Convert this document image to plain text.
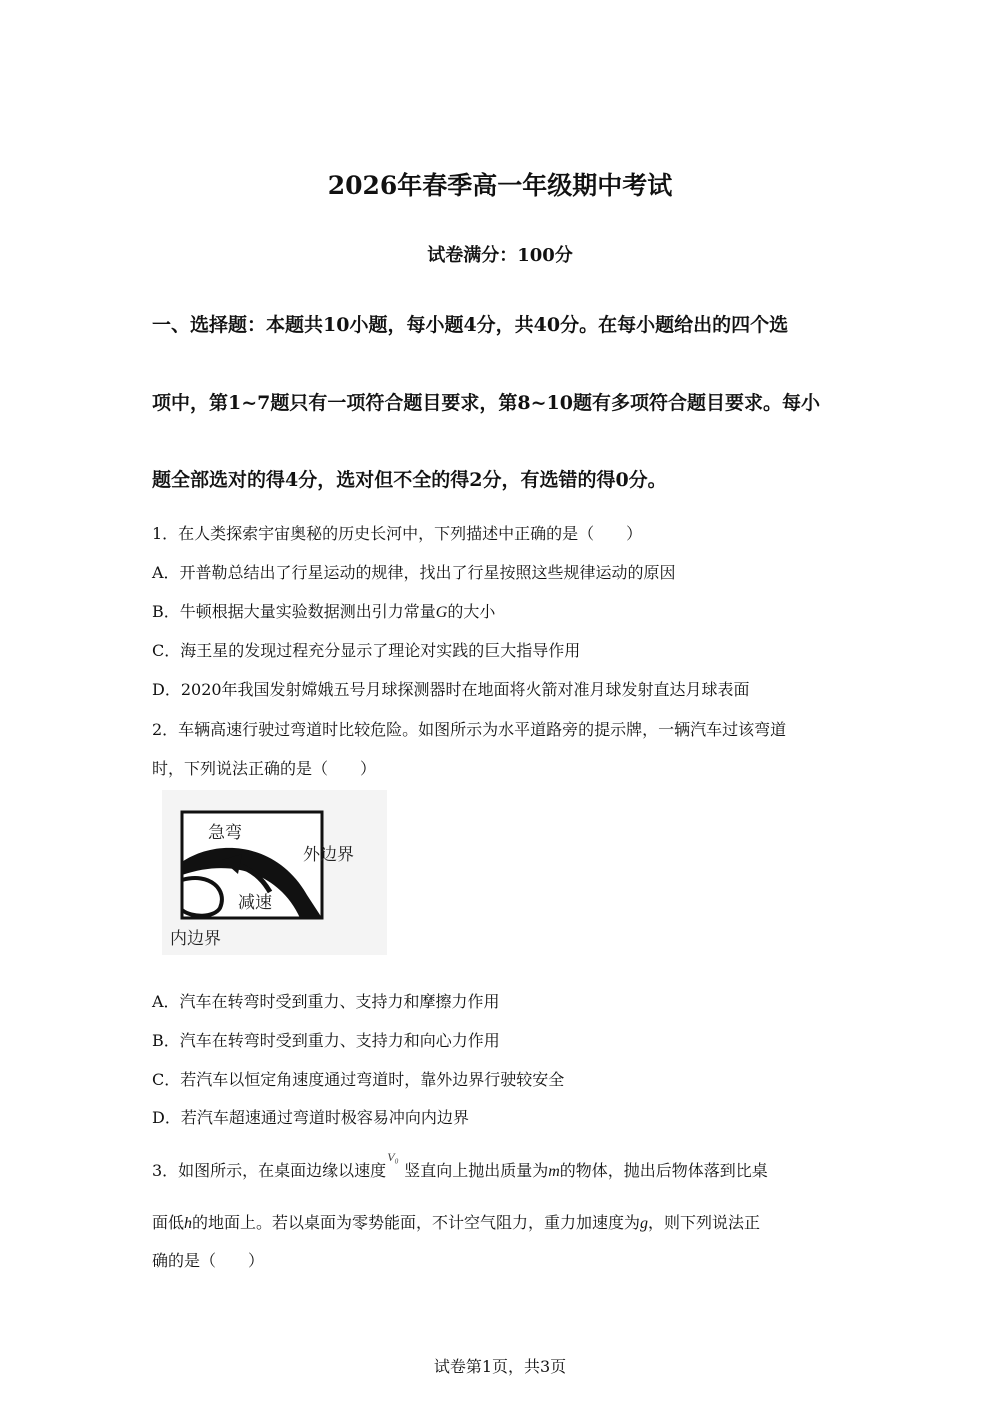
2026年春季高一年级期中考试
试卷满分：100分
一、选择题：本题共10小题，每小题4分，共40分。在每小题给出的四个选
项中，第1~7题只有一项符合题目要求，第8~10题有多项符合题目要求。每小
题全部选对的得4分，选对但不全的得2分，有选错的得0分。
1．在人类探索宇宙奥秘的历史长河中，下列描述中正确的是（　　）
A．开普勒总结出了行星运动的规律，找出了行星按照这些规律运动的原因
B．牛顿根据大量实验数据测出引力常量G的大小
C．海王星的发现过程充分显示了理论对实践的巨大指导作用
D．2020年我国发射嫦娥五号月球探测器时在地面将火箭对准月球发射直达月球表面
2．车辆高速行驶过弯道时比较危险。如图所示为水平道路旁的提示牌，一辆汽车过该弯道
时，下列说法正确的是（　　）
急弯
减速
外边界
内边界
A．汽车在转弯时受到重力、支持力和摩擦力作用
B．汽车在转弯时受到重力、支持力和向心力作用
C．若汽车以恒定角速度通过弯道时，靠外边界行驶较安全
D．若汽车超速通过弯道时极容易冲向内边界
3．如图所示，在桌面边缘以速度
V₀
竖直向上抛出质量为m的物体，抛出后物体落到比桌
面低h的地面上。若以桌面为零势能面，不计空气阻力，重力加速度为g，则下列说法正
确的是（　　）
试卷第1页，共3页
